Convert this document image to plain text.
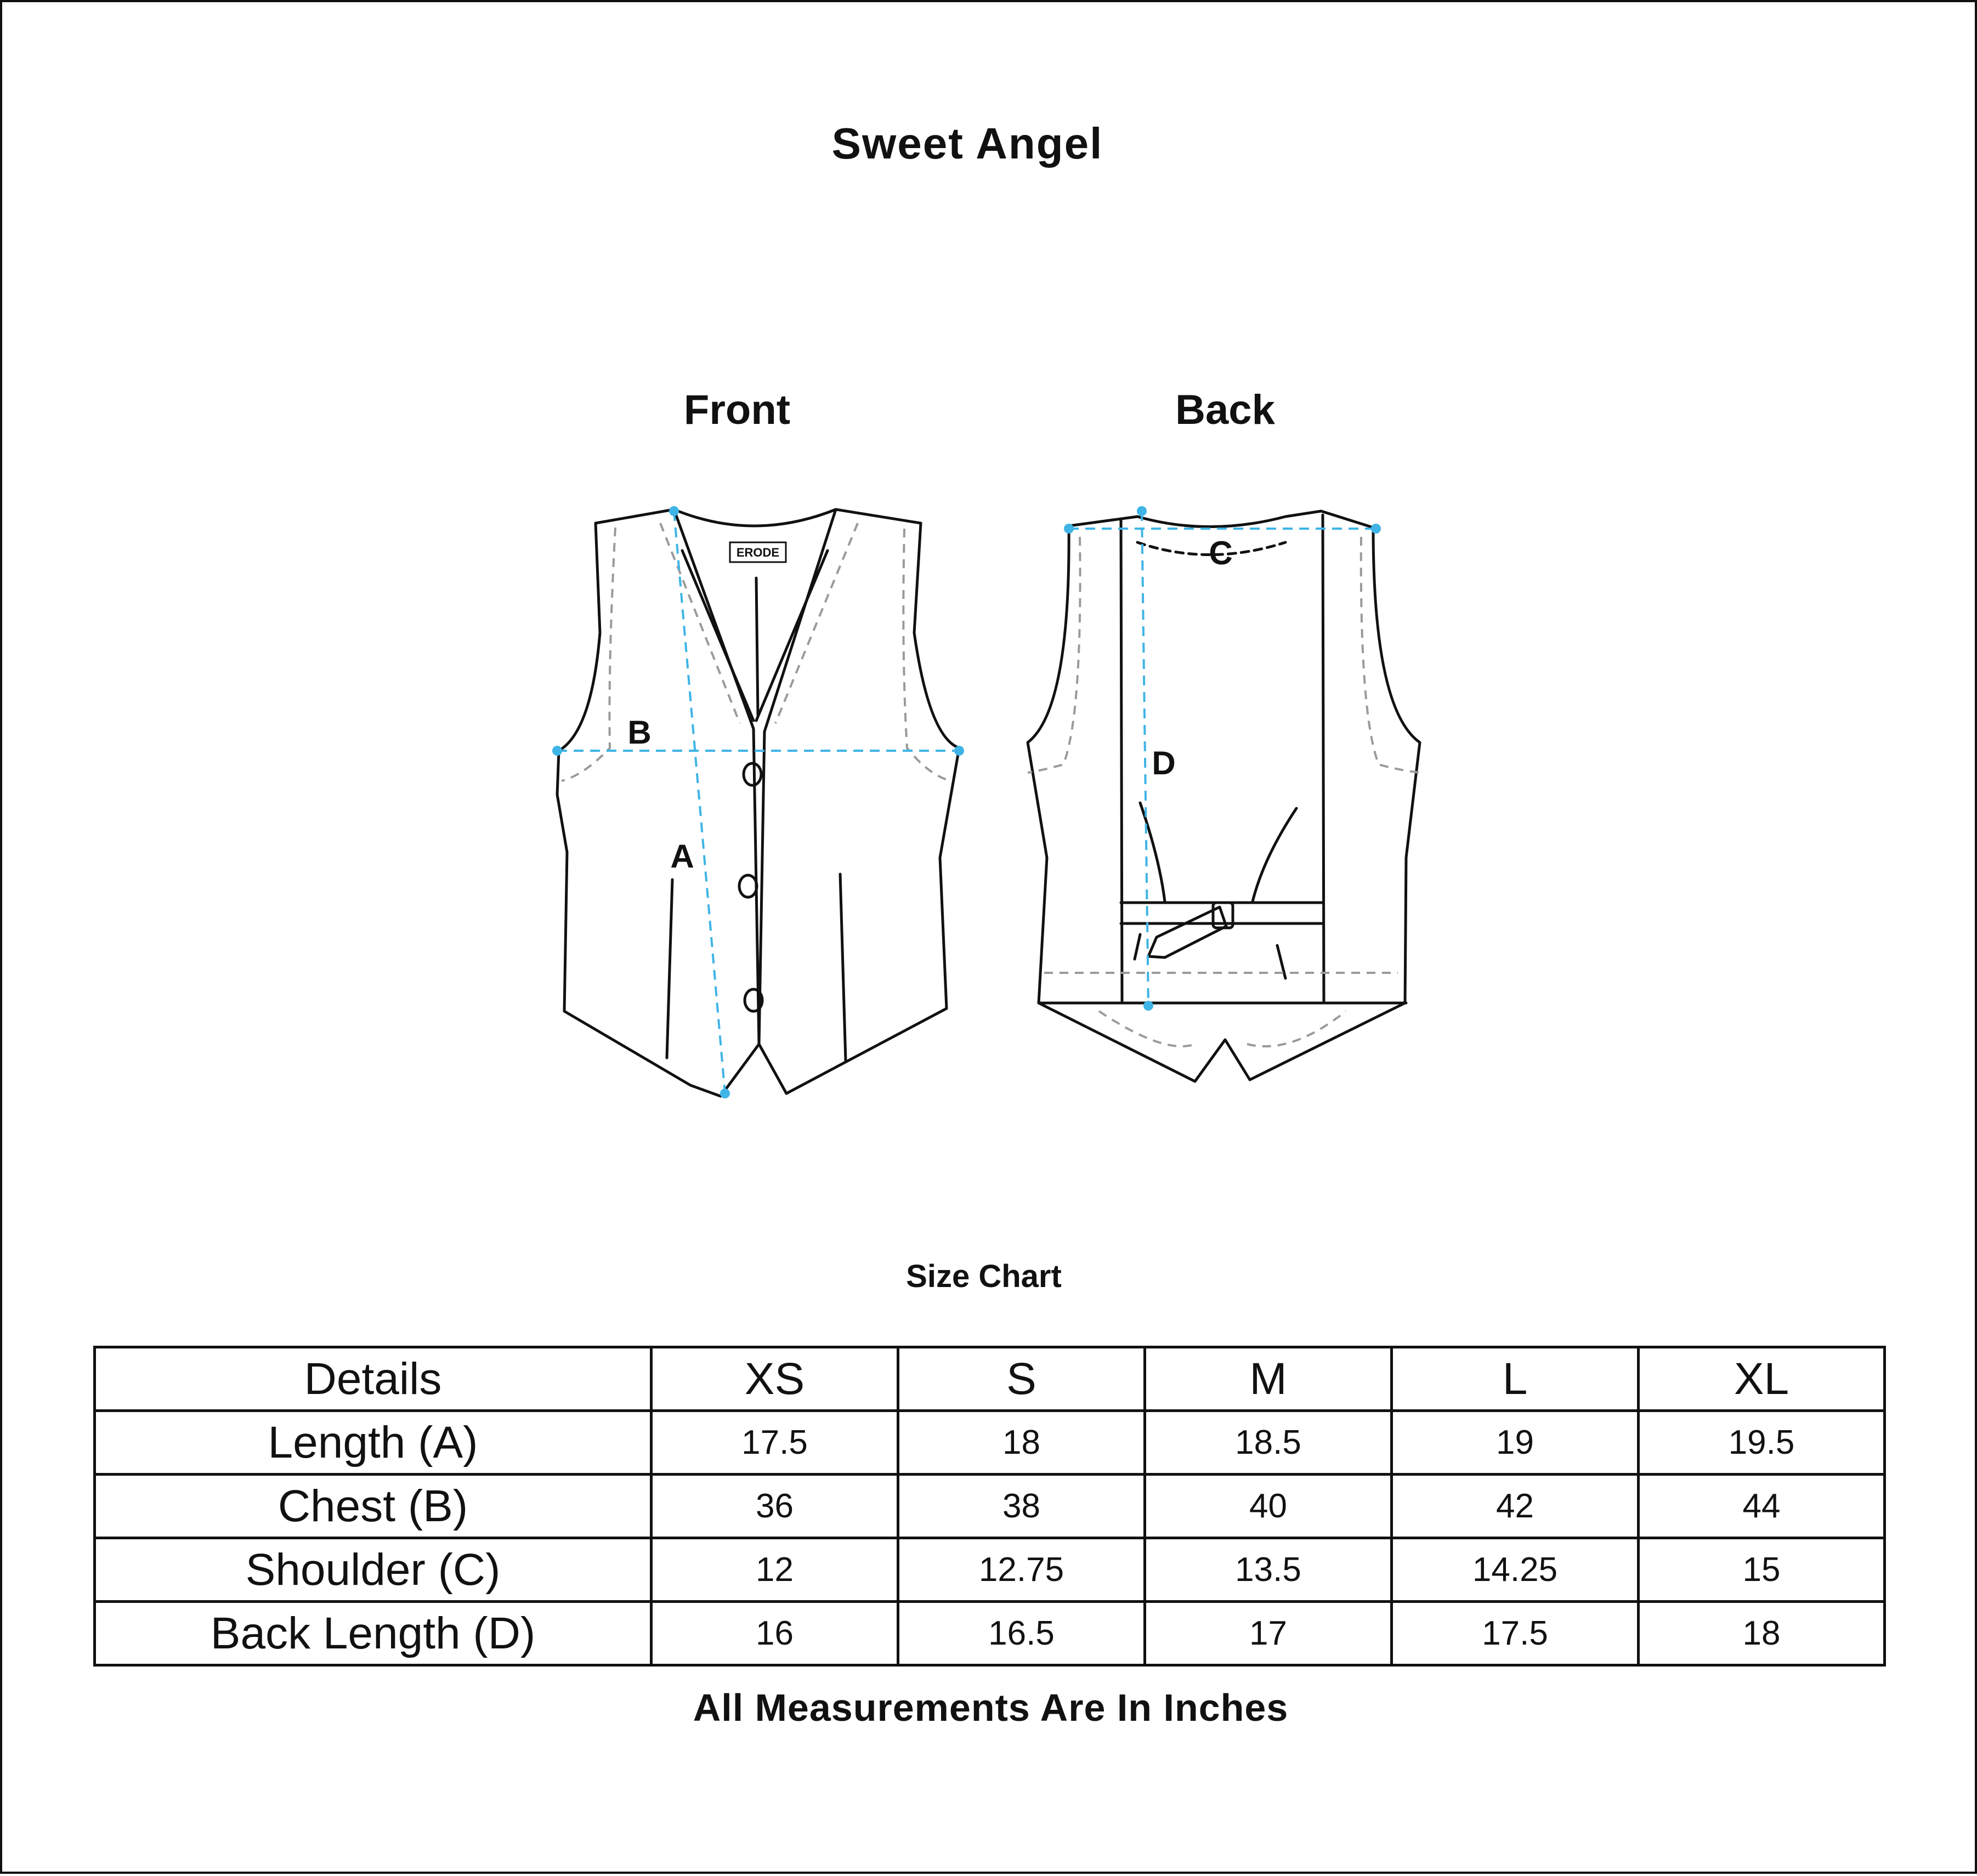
Sweet Angel
Front	Back
ERODE
B
A
C
D
Size Chart
Details	XS	S	M	L	XL
Length (A)	17.5	18	18.5	19	19.5
Chest (B)	36	38	40	42	44
Shoulder (C)	12	12.75	13.5	14.25	15
Back Length (D)	16	16.5	17	17.5	18
All Measurements Are In Inches
